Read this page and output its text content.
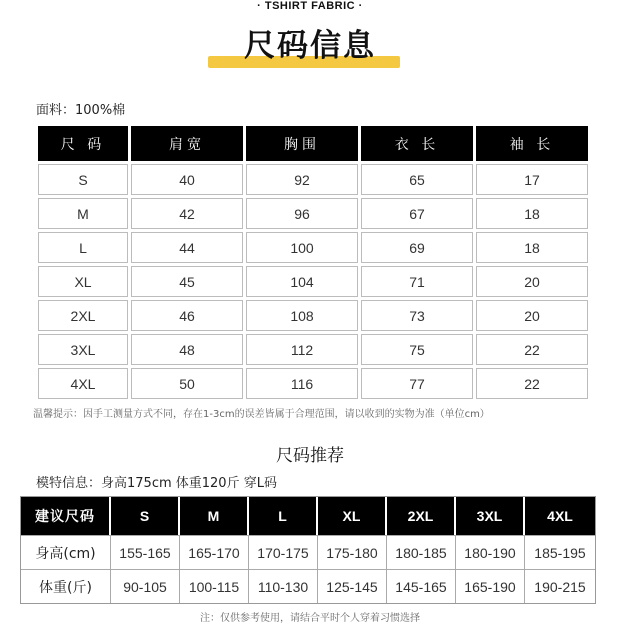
· TSHIRT FABRIC ·
尺码信息
面料：100%棉
尺 码	肩宽	胸围	衣 长	袖 长
S	40	92	65	17
M	42	96	67	18
L	44	100	69	18
XL	45	104	71	20
2XL	46	108	73	20
3XL	48	112	75	22
4XL	50	116	77	22
温馨提示：因手工测量方式不同，存在1-3cm的误差皆属于合理范围，请以收到的实物为准（单位cm）
尺码推荐
模特信息：身高175cm 体重120斤 穿L码
建议尺码	S	M	L	XL	2XL	3XL	4XL
身高(cm)	155-165	165-170	170-175	175-180	180-185	180-190	185-195
体重(斤)	90-105	100-115	110-130	125-145	145-165	165-190	190-215
注：仅供参考使用，请结合平时个人穿着习惯选择
